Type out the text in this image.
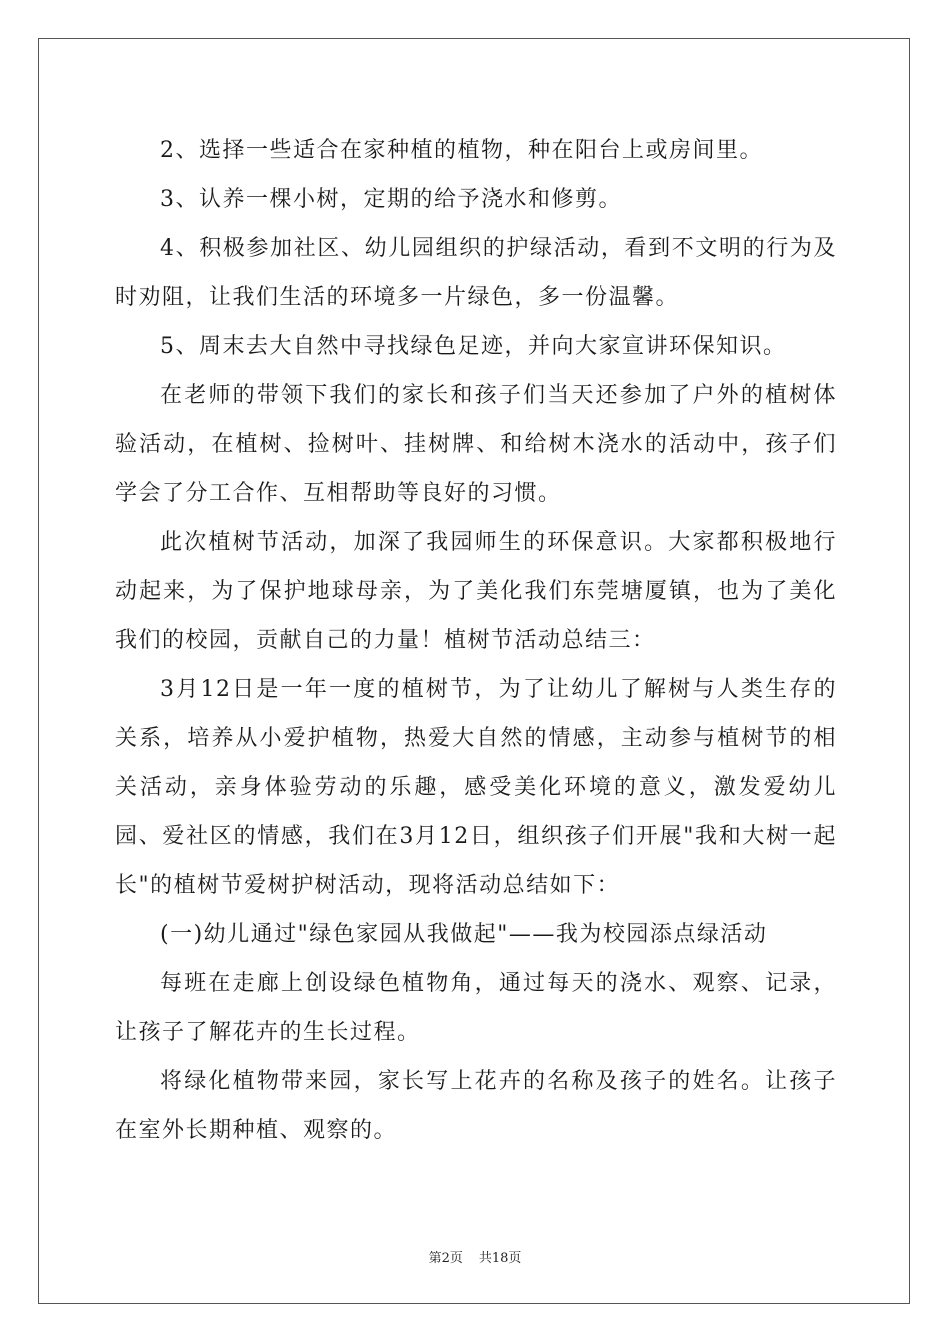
2、选择一些适合在家种植的植物，种在阳台上或房间里。

3、认养一棵小树，定期的给予浇水和修剪。

4、积极参加社区、幼儿园组织的护绿活动，看到不文明的行为及时劝阻，让我们生活的环境多一片绿色，多一份温馨。

5、周末去大自然中寻找绿色足迹，并向大家宣讲环保知识。

在老师的带领下我们的家长和孩子们当天还参加了户外的植树体验活动，在植树、捡树叶、挂树牌、和给树木浇水的活动中，孩子们学会了分工合作、互相帮助等良好的习惯。

此次植树节活动，加深了我园师生的环保意识。大家都积极地行动起来，为了保护地球母亲，为了美化我们东莞塘厦镇，也为了美化我们的校园，贡献自己的力量！植树节活动总结三：

3月12日是一年一度的植树节，为了让幼儿了解树与人类生存的关系，培养从小爱护植物，热爱大自然的情感，主动参与植树节的相关活动，亲身体验劳动的乐趣，感受美化环境的意义，激发爱幼儿园、爱社区的情感，我们在3月12日，组织孩子们开展"我和大树一起长"的植树节爱树护树活动，现将活动总结如下：

(一)幼儿通过"绿色家园从我做起"——我为校园添点绿活动

每班在走廊上创设绿色植物角，通过每天的浇水、观察、记录，让孩子了解花卉的生长过程。

将绿化植物带来园，家长写上花卉的名称及孩子的姓名。让孩子在室外长期种植、观察的。

第2页 共18页
